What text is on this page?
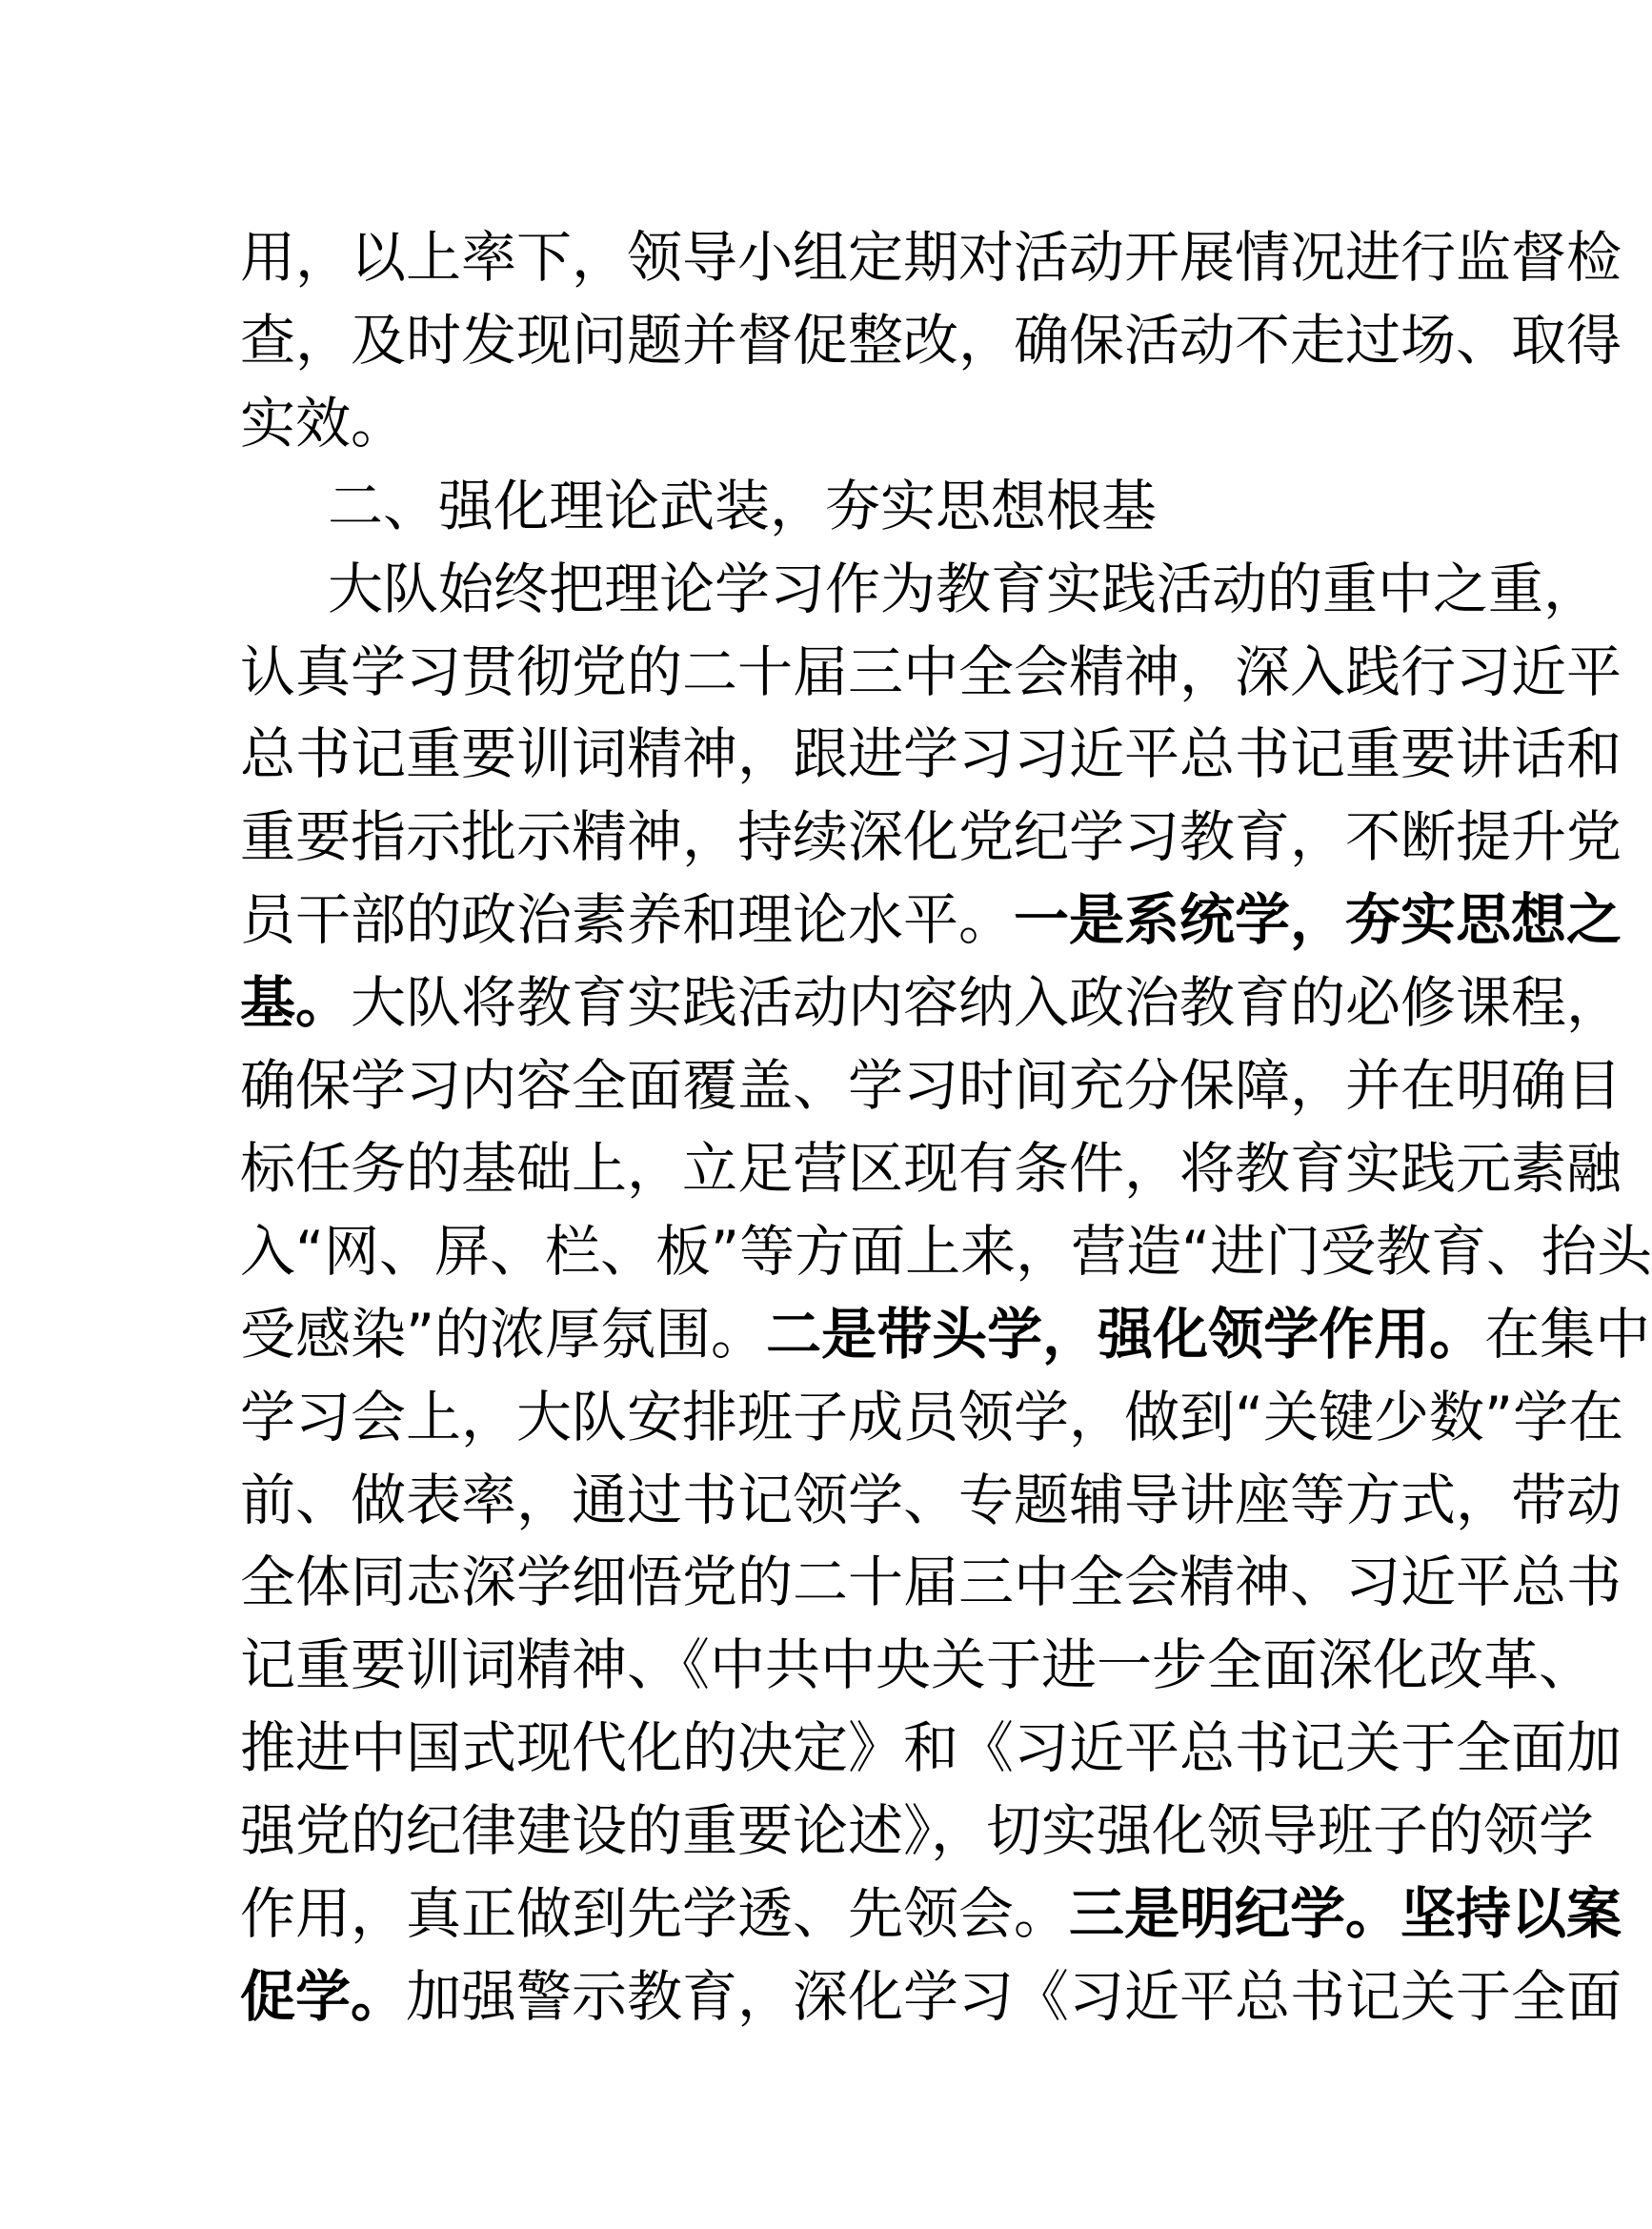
用，以上率下，领导小组定期对活动开展情况进行监督检
查，及时发现问题并督促整改，确保活动不走过场、取得
实效。
二、强化理论武装，夯实思想根基
大队始终把理论学习作为教育实践活动的重中之重，
认真学习贯彻党的二十届三中全会精神，深入践行习近平
总书记重要训词精神，跟进学习习近平总书记重要讲话和
重要指示批示精神，持续深化党纪学习教育，不断提升党
员干部的政治素养和理论水平。一是系统学，夯实思想之
基。大队将教育实践活动内容纳入政治教育的必修课程，
确保学习内容全面覆盖、学习时间充分保障，并在明确目
标任务的基础上，立足营区现有条件，将教育实践元素融
入“网、屏、栏、板”等方面上来，营造“进门受教育、抬头
受感染”的浓厚氛围。二是带头学，强化领学作用。在集中
学习会上，大队安排班子成员领学，做到“关键少数”学在
前、做表率，通过书记领学、专题辅导讲座等方式，带动
全体同志深学细悟党的二十届三中全会精神、习近平总书
记重要训词精神、《中共中央关于进一步全面深化改革、
推进中国式现代化的决定》和《习近平总书记关于全面加
强党的纪律建设的重要论述》，切实强化领导班子的领学
作用，真正做到先学透、先领会。三是明纪学。坚持以案
促学。加强警示教育，深化学习《习近平总书记关于全面
